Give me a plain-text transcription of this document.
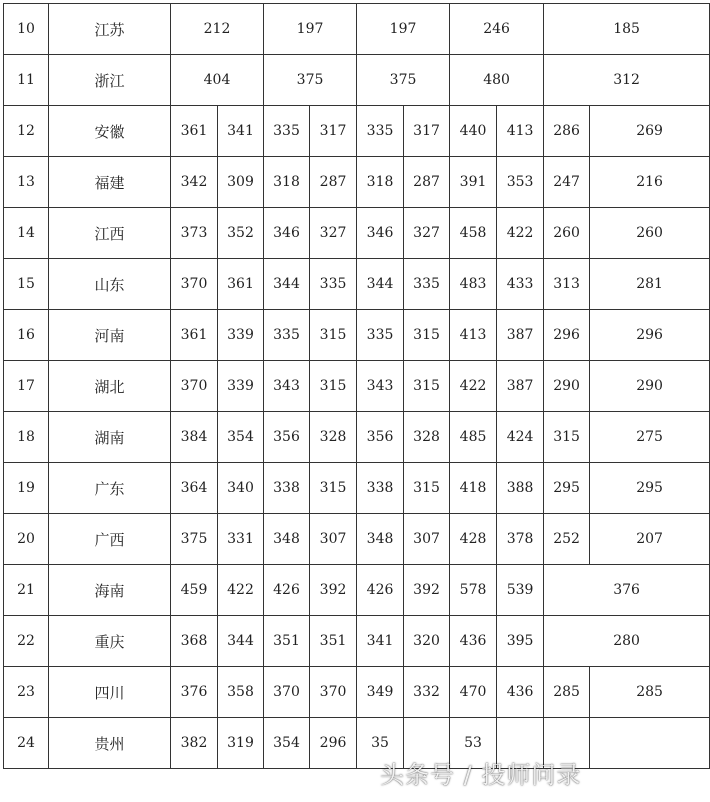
10	江苏	212		197		197		246		185	
11	浙江	404		375		375		480		312	
12	安徽	361	341	335	317	335	317	440	413	286	269
13	福建	342	309	318	287	318	287	391	353	247	216
14	江西	373	352	346	327	346	327	458	422	260	260
15	山东	370	361	344	335	344	335	483	433	313	281
16	河南	361	339	335	315	335	315	413	387	296	296
17	湖北	370	339	343	315	343	315	422	387	290	290
18	湖南	384	354	356	328	356	328	485	424	315	275
19	广东	364	340	338	315	338	315	418	388	295	295
20	广西	375	331	348	307	348	307	428	378	252	207
21	海南	459	422	426	392	426	392	578	539	376	
22	重庆	368	344	351	351	341	320	436	395	280	
23	四川	376	358	370	370	349	332	470	436	285	285
24	贵州	382	319	354	296	35		53			
头条号 / 投师问录
